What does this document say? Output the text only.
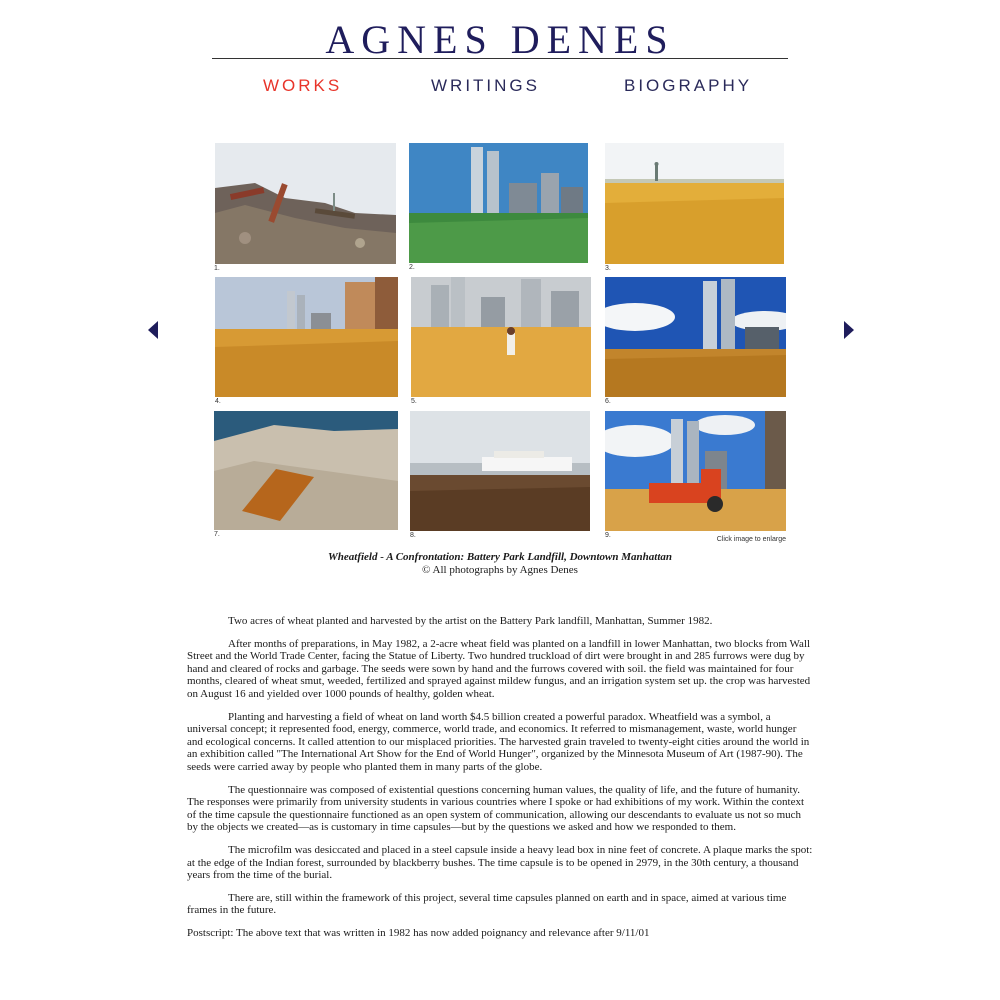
AGNES DENES
WORKS	WRITINGS	BIOGRAPHY
1.	2.	3.
4.	5.	6.
7.	8.	9.
Click image to enlarge
Wheatfield - A Confrontation: Battery Park Landfill, Downtown Manhattan
© All photographs by Agnes Denes

Two acres of wheat planted and harvested by the artist on the Battery Park landfill, Manhattan, Summer 1982.

After months of preparations, in May 1982, a 2-acre wheat field was planted on a landfill in lower Manhattan, two blocks from Wall Street and the World Trade Center, facing the Statue of Liberty. Two hundred truckload of dirt were brought in and 285 furrows were dug by hand and cleared of rocks and garbage. The seeds were sown by hand and the furrows covered with soil. the field was maintained for four months, cleared of wheat smut, weeded, fertilized and sprayed against mildew fungus, and an irrigation system set up. the crop was harvested on August 16 and yielded over 1000 pounds of healthy, golden wheat.

Planting and harvesting a field of wheat on land worth $4.5 billion created a powerful paradox. Wheatfield was a symbol, a universal concept; it represented food, energy, commerce, world trade, and economics. It referred to mismanagement, waste, world hunger and ecological concerns. It called attention to our misplaced priorities. The harvested grain traveled to twenty-eight cities around the world in an exhibition called "The International Art Show for the End of World Hunger", organized by the Minnesota Museum of Art (1987-90). The seeds were carried away by people who planted them in many parts of the globe.

The questionnaire was composed of existential questions concerning human values, the quality of life, and the future of humanity. The responses were primarily from university students in various countries where I spoke or had exhibitions of my work. Within the context of the time capsule the questionnaire functioned as an open system of communication, allowing our descendants to evaluate us not so much by the objects we created—as is customary in time capsules—but by the questions we asked and how we responded to them.

The microfilm was desiccated and placed in a steel capsule inside a heavy lead box in nine feet of concrete. A plaque marks the spot: at the edge of the Indian forest, surrounded by blackberry bushes. The time capsule is to be opened in 2979, in the 30th century, a thousand years from the time of the burial.

There are, still within the framework of this project, several time capsules planned on earth and in space, aimed at various time frames in the future.

Postscript: The above text that was written in 1982 has now added poignancy and relevance after 9/11/01
